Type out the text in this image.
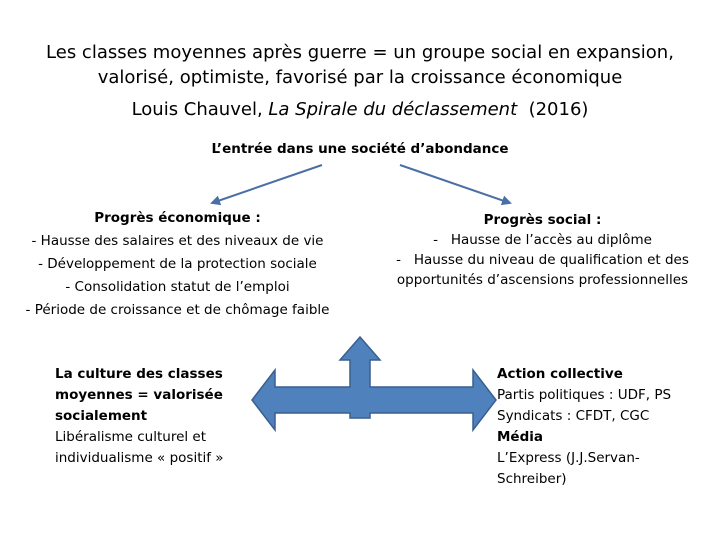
Les classes moyennes après guerre = un groupe social en expansion,
valorisé, optimiste, favorisé par la croissance économique
Louis Chauvel, La Spirale du déclassement  (2016)
L’entrée dans une société d’abondance
Progrès économique :
- Hausse des salaires et des niveaux de vie
- Développement de la protection sociale
- Consolidation statut de l’emploi
- Période de croissance et de chômage faible
Progrès social :
-   Hausse de l’accès au diplôme
-   Hausse du niveau de qualification et des
opportunités d’ascensions professionnelles
La culture des classes
moyennes = valorisée
socialement
Libéralisme culturel et
individualisme « positif »
Action collective
Partis politiques : UDF, PS
Syndicats : CFDT, CGC
Média
L’Express (J.J.Servan-
Schreiber)
